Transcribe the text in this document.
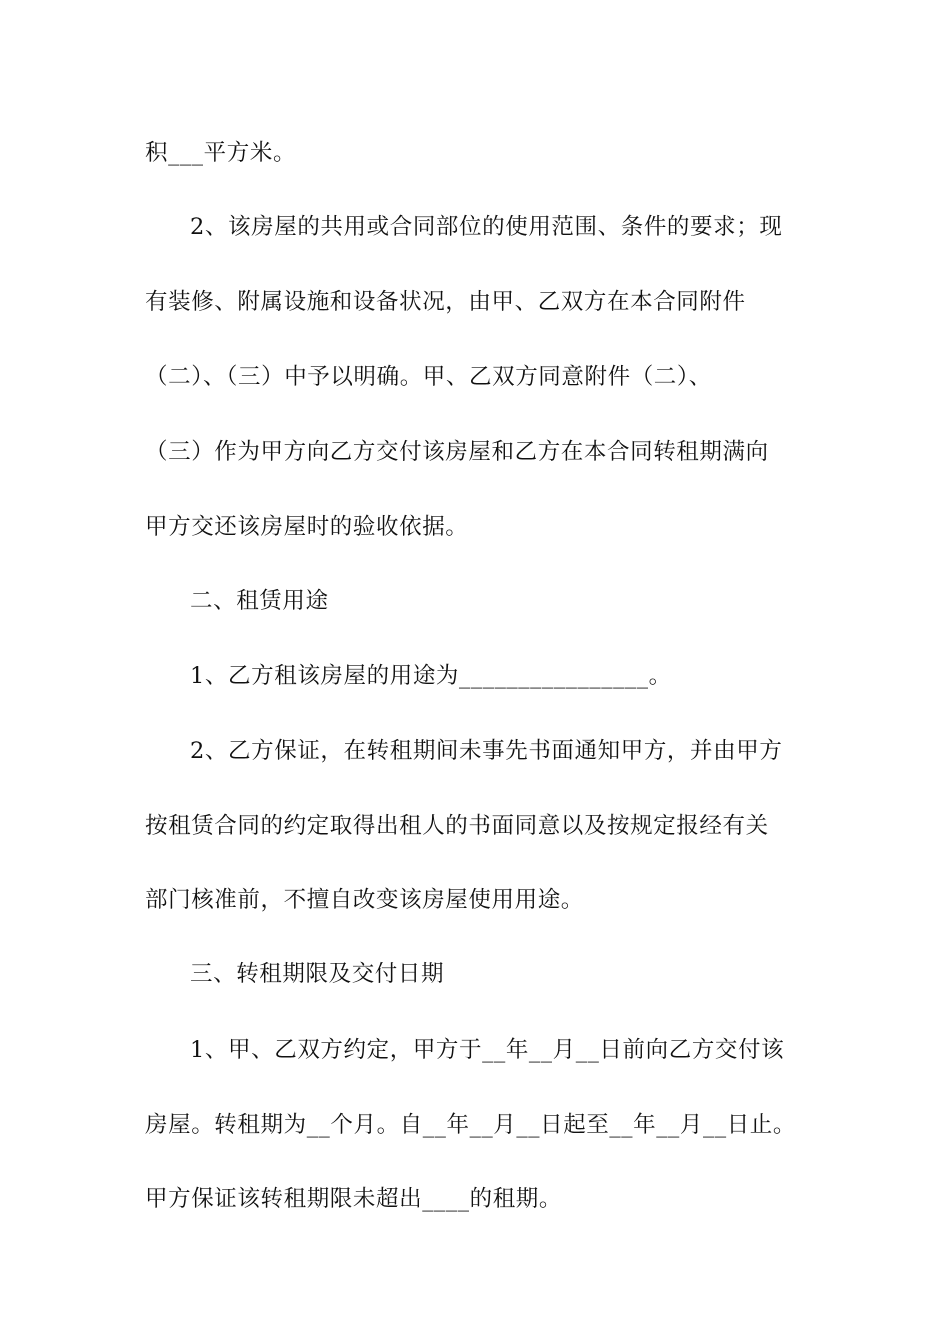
积___平方米。

2、该房屋的共用或合同部位的使用范围、条件的要求；现

有装修、附属设施和设备状况，由甲、乙双方在本合同附件

（二）、（三）中予以明确。甲、乙双方同意附件（二）、

（三）作为甲方向乙方交付该房屋和乙方在本合同转租期满向

甲方交还该房屋时的验收依据。

二、租赁用途

1、乙方租该房屋的用途为________________。

2、乙方保证，在转租期间未事先书面通知甲方，并由甲方

按租赁合同的约定取得出租人的书面同意以及按规定报经有关

部门核准前，不擅自改变该房屋使用用途。

三、转租期限及交付日期

1、甲、乙双方约定，甲方于__年__月__日前向乙方交付该

房屋。转租期为__个月。自__年__月__日起至__年__月__日止。

甲方保证该转租期限未超出____的租期。
